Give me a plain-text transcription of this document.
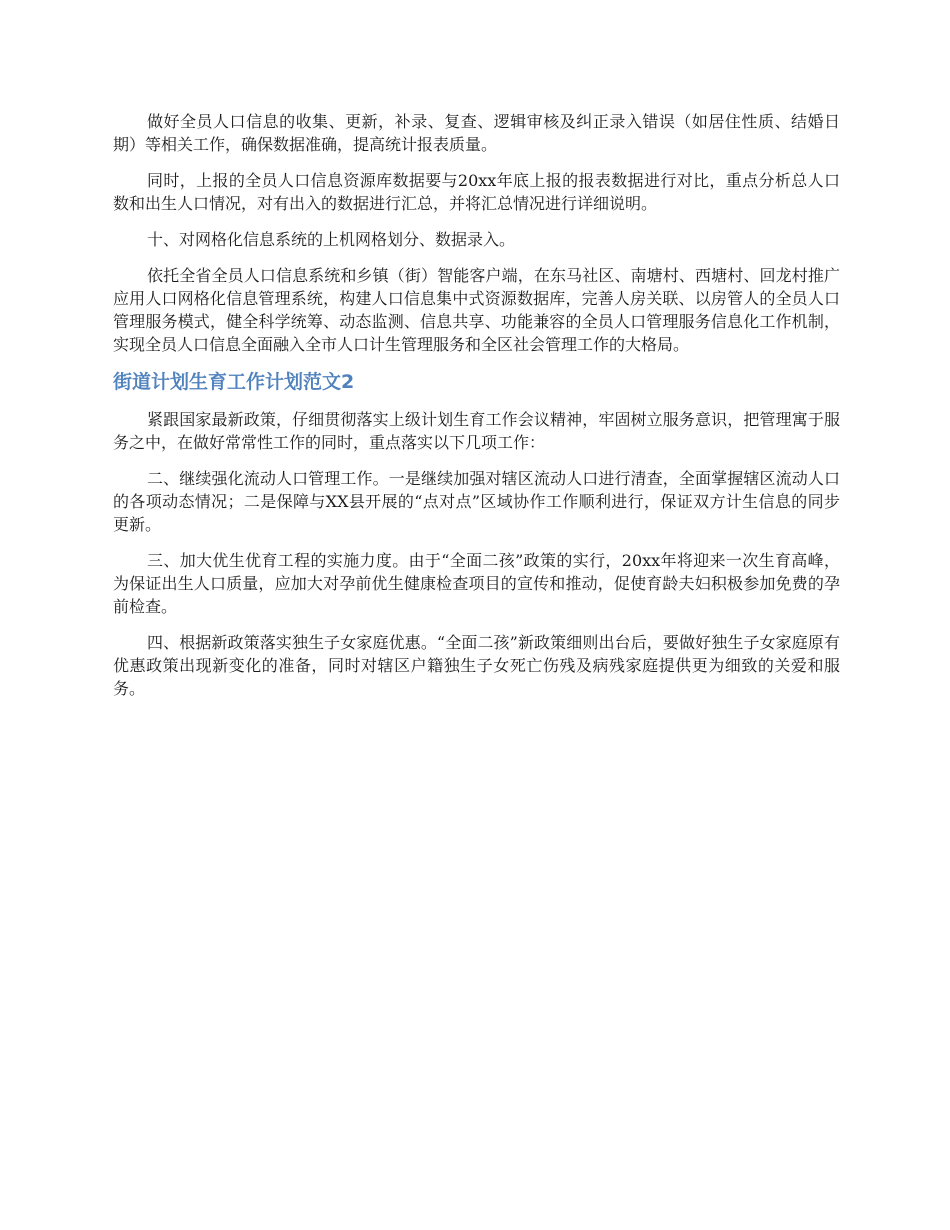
做好全员人口信息的收集、更新，补录、复查、逻辑审核及纠正录入错误（如居住性质、结婚日期）等相关工作，确保数据准确，提高统计报表质量。

同时，上报的全员人口信息资源库数据要与20xx年底上报的报表数据进行对比，重点分析总人口数和出生人口情况，对有出入的数据进行汇总，并将汇总情况进行详细说明。

十、对网格化信息系统的上机网格划分、数据录入。

依托全省全员人口信息系统和乡镇（街）智能客户端，在东马社区、南塘村、西塘村、回龙村推广应用人口网格化信息管理系统，构建人口信息集中式资源数据库，完善人房关联、以房管人的全员人口管理服务模式，健全科学统筹、动态监测、信息共享、功能兼容的全员人口管理服务信息化工作机制，实现全员人口信息全面融入全市人口计生管理服务和全区社会管理工作的大格局。

街道计划生育工作计划范文2

紧跟国家最新政策，仔细贯彻落实上级计划生育工作会议精神，牢固树立服务意识，把管理寓于服务之中，在做好常常性工作的同时，重点落实以下几项工作：

二、继续强化流动人口管理工作。一是继续加强对辖区流动人口进行清查，全面掌握辖区流动人口的各项动态情况；二是保障与XX县开展的“点对点”区域协作工作顺利进行，保证双方计生信息的同步更新。

三、加大优生优育工程的实施力度。由于“全面二孩”政策的实行，20xx年将迎来一次生育高峰，为保证出生人口质量，应加大对孕前优生健康检查项目的宣传和推动，促使育龄夫妇积极参加免费的孕前检查。

四、根据新政策落实独生子女家庭优惠。“全面二孩”新政策细则出台后，要做好独生子女家庭原有优惠政策出现新变化的准备，同时对辖区户籍独生子女死亡伤残及病残家庭提供更为细致的关爱和服务。
